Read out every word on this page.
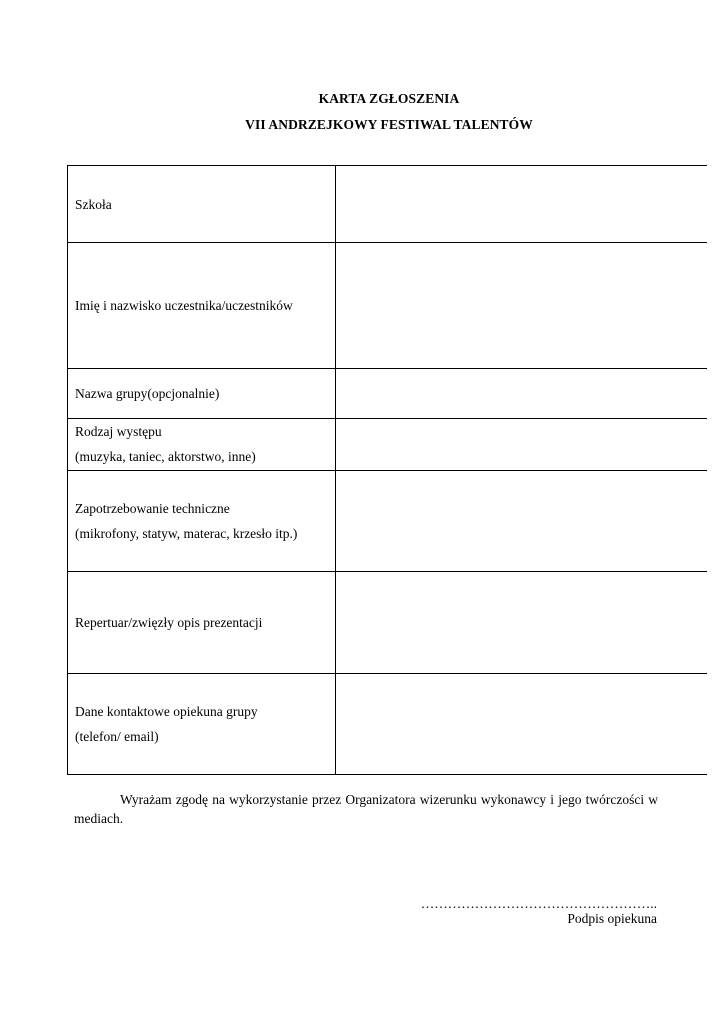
KARTA ZGŁOSZENIA
VII ANDRZEJKOWY FESTIWAL TALENTÓW
Szkoła	

Imię i nazwisko uczestnika/uczestników	

Nazwa grupy(opcjonalnie)	

Rodzaj występu
(muzyka, taniec, aktorstwo, inne)	

Zapotrzebowanie techniczne
(mikrofony, statyw, materac, krzesło itp.)	

Repertuar/zwięzły opis prezentacji	

Dane kontaktowe opiekuna grupy
(telefon/ email)	

Wyrażam zgodę na wykorzystanie przez Organizatora wizerunku wykonawcy i jego twórczości w mediach.
……………………………………………..
Podpis opiekuna
